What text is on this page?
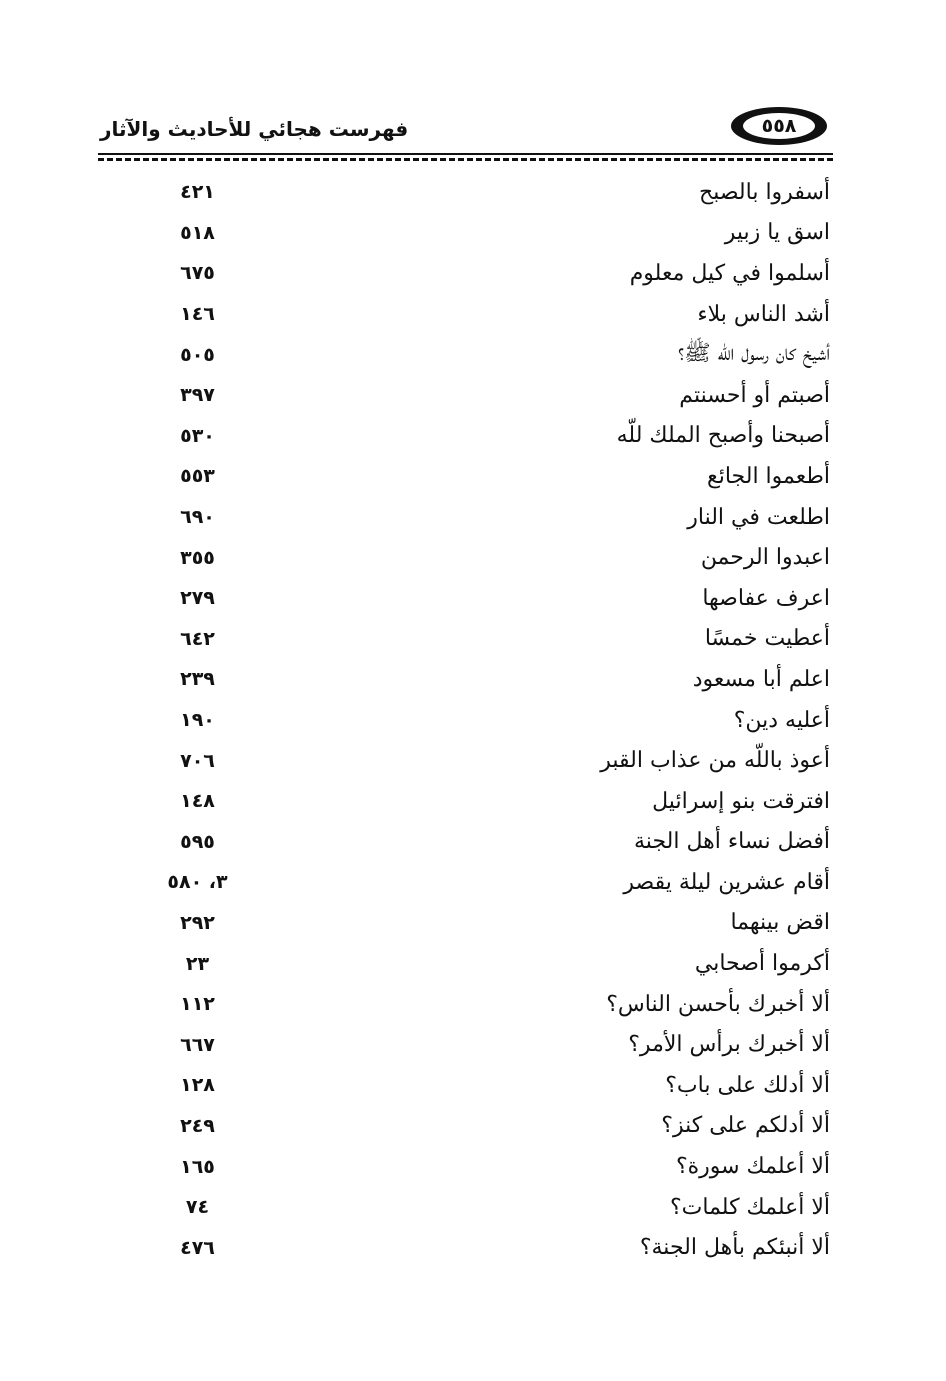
٥٥٨
فهرست هجائي للأحاديث والآثار
أسفروا بالصبح
٤٢١
اسق يا زبير
٥١٨
أسلموا في كيل معلوم
٦٧٥
أشد الناس بلاء
١٤٦
أشيخ كان رسول اللّه ﷺ؟
٥٠٥
أصبتم أو أحسنتم
٣٩٧
أصبحنا وأصبح الملك للّه
٥٣٠
أطعموا الجائع
٥٥٣
اطلعت في النار
٦٩٠
اعبدوا الرحمن
٣٥٥
اعرف عفاصها
٢٧٩
أعطيت خمسًا
٦٤٢
اعلم أبا مسعود
٢٣٩
أعليه دين؟
١٩٠
أعوذ باللّه من عذاب القبر
٧٠٦
افترقت بنو إسرائيل
١٤٨
أفضل نساء أهل الجنة
٥٩٥
أقام عشرين ليلة يقصر
٣، ٥٨٠
اقض بينهما
٢٩٢
أكرموا أصحابي
٢٣
ألا أخبرك بأحسن الناس؟
١١٢
ألا أخبرك برأس الأمر؟
٦٦٧
ألا أدلك على باب؟
١٢٨
ألا أدلكم على كنز؟
٢٤٩
ألا أعلمك سورة؟
١٦٥
ألا أعلمك كلمات؟
٧٤
ألا أنبئكم بأهل الجنة؟
٤٧٦
